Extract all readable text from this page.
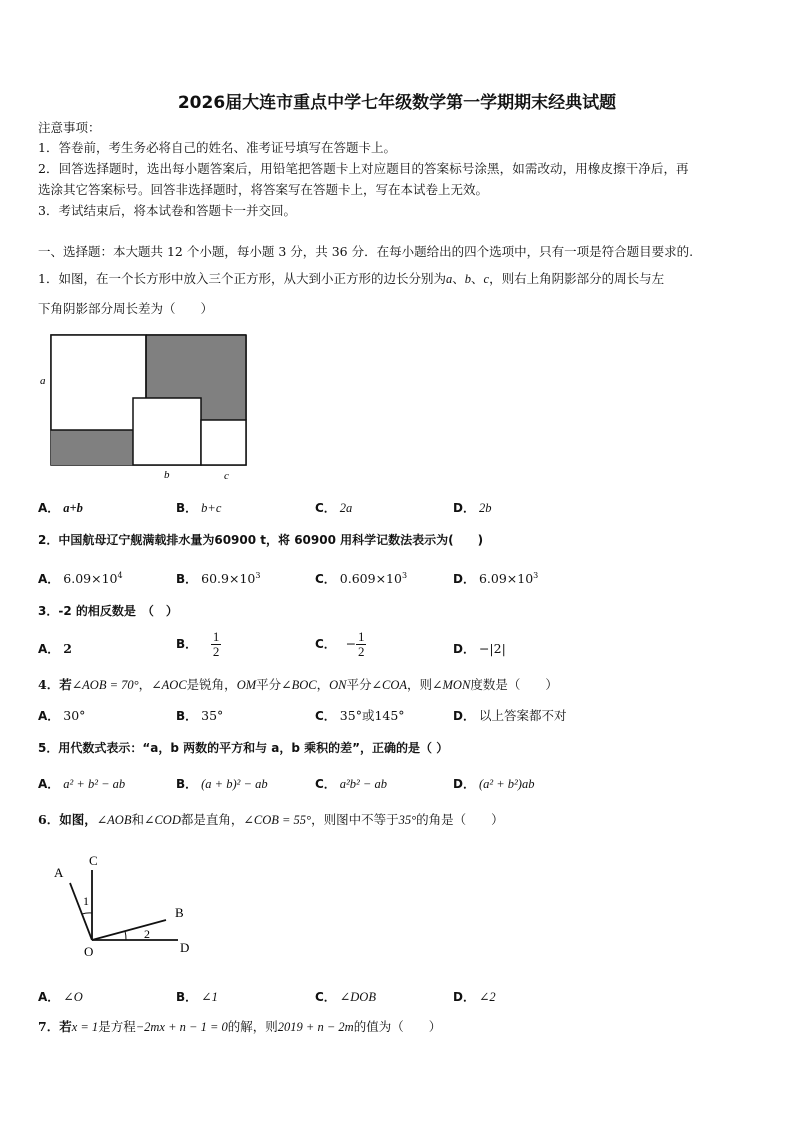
2026届大连市重点中学七年级数学第一学期期末经典试题
注意事项：
1．答卷前，考生务必将自己的姓名、准考证号填写在答题卡上。
2．回答选择题时，选出每小题答案后，用铅笔把答题卡上对应题目的答案标号涂黑，如需改动，用橡皮擦干净后，再
选涂其它答案标号。回答非选择题时，将答案写在答题卡上，写在本试卷上无效。
3．考试结束后，将本试卷和答题卡一并交回。
一、选择题：本大题共 12 个小题，每小题 3 分，共 36 分．在每小题给出的四个选项中，只有一项是符合题目要求的.
1．如图，在一个长方形中放入三个正方形，从大到小正方形的边长分别为a、b、c，则右上角阴影部分的周长与左
下角阴影部分周长差为（　　）
a
b	c
A． a+b	B． b+c	C． 2a	D． 2b
2．中国航母辽宁舰满载排水量为60900 t，将 60900 用科学记数法表示为(　　)
A． $6.09\times 10^4$	B． $60.9\times 10^3$	C． $0.609\times 10^3$	D． $6.09\times 10^3$
3．-2 的相反数是　（　）
A． 2	B． $\frac{1}{2}$	C． − $\frac{1}{2}$	D． −|2|
4．若∠AOB = 70°，∠AOC是锐角，OM平分∠BOC，ON平分∠COA，则∠MON度数是（　　）
A． 30°	B． 35°	C． 35°或145°	D． 以上答案都不对
5．用代数式表示：“a，b 两数的平方和与 a，b 乘积的差”，正确的是（ ）
A． a² + b² − ab	B． (a + b)² − ab	C． a²b² − ab	D． (a² + b²)ab
6．如图，∠AOB和∠COD都是直角，∠COB = 55°，则图中不等于35°的角是（　　）
A
C
B
O	D
1
2
A． ∠O	B． ∠1	C． ∠DOB	D． ∠2
7．若x = 1是方程−2mx + n − 1 = 0的解，则2019 + n − 2m的值为（　　）
